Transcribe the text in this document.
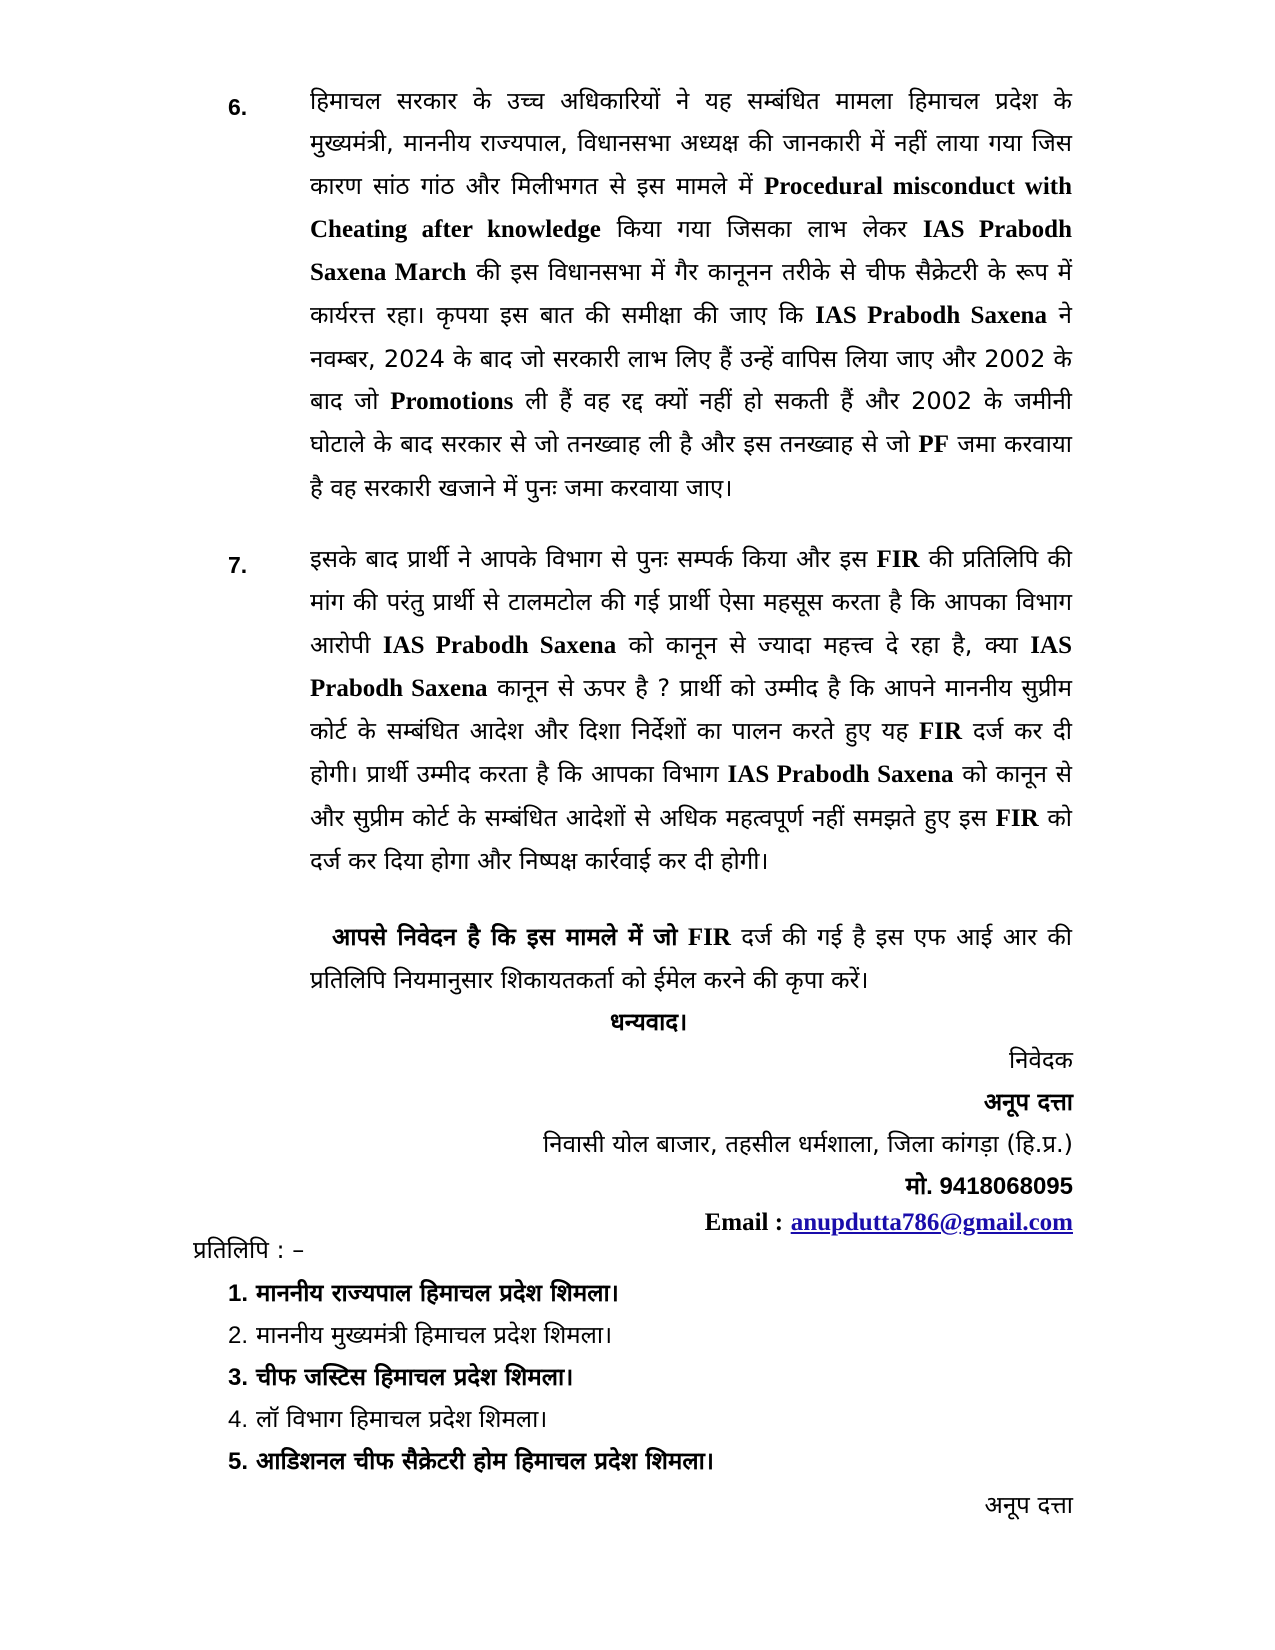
6.	हिमाचल सरकार के उच्च अधिकारियों ने यह सम्बंधित मामला हिमाचल प्रदेश के मुख्यमंत्री, माननीय राज्यपाल, विधानसभा अध्यक्ष की जानकारी में नहीं लाया गया जिस कारण सांठ गांठ और मिलीभगत से इस मामले में Procedural misconduct with Cheating after knowledge किया गया जिसका लाभ लेकर IAS Prabodh Saxena March की इस विधानसभा में गैर कानूनन तरीके से चीफ सैक्रेटरी के रूप में कार्यरत्त रहा। कृपया इस बात की समीक्षा की जाए कि IAS Prabodh Saxena ने नवम्बर, 2024 के बाद जो सरकारी लाभ लिए हैं उन्हें वापिस लिया जाए और 2002 के बाद जो Promotions ली हैं वह रद्द क्यों नहीं हो सकती हैं और 2002 के जमीनी घोटाले के बाद सरकार से जो तनख्वाह ली है और इस तनख्वाह से जो PF जमा करवाया है वह सरकारी खजाने में पुनः जमा करवाया जाए।
7.	इसके बाद प्रार्थी ने आपके विभाग से पुनः सम्पर्क किया और इस FIR की प्रतिलिपि की मांग की परंतु प्रार्थी से टालमटोल की गई प्रार्थी ऐसा महसूस करता है कि आपका विभाग आरोपी IAS Prabodh Saxena को कानून से ज्यादा महत्त्व दे रहा है, क्या IAS Prabodh Saxena कानून से ऊपर है ? प्रार्थी को उम्मीद है कि आपने माननीय सुप्रीम कोर्ट के सम्बंधित आदेश और दिशा निर्देशों का पालन करते हुए यह FIR दर्ज कर दी होगी। प्रार्थी उम्मीद करता है कि आपका विभाग IAS Prabodh Saxena को कानून से और सुप्रीम कोर्ट के सम्बंधित आदेशों से अधिक महत्वपूर्ण नहीं समझते हुए इस FIR को दर्ज कर दिया होगा और निष्पक्ष कार्रवाई कर दी होगी।
आपसे निवेदन है कि इस मामले में जो FIR दर्ज की गई है इस एफ आई आर की प्रतिलिपि नियमानुसार शिकायतकर्ता को ईमेल करने की कृपा करें।
धन्यवाद।
निवेदक
अनूप दत्ता
निवासी योल बाजार, तहसील धर्मशाला, जिला कांगड़ा (हि.प्र.)
मो. 9418068095
Email : anupdutta786@gmail.com
प्रतिलिपि : –
1. माननीय राज्यपाल हिमाचल प्रदेश शिमला।
2. माननीय मुख्यमंत्री हिमाचल प्रदेश शिमला।
3. चीफ जस्टिस हिमाचल प्रदेश शिमला।
4. लॉ विभाग हिमाचल प्रदेश शिमला।
5. आडिशनल चीफ सैक्रेटरी होम हिमाचल प्रदेश शिमला।
अनूप दत्ता
